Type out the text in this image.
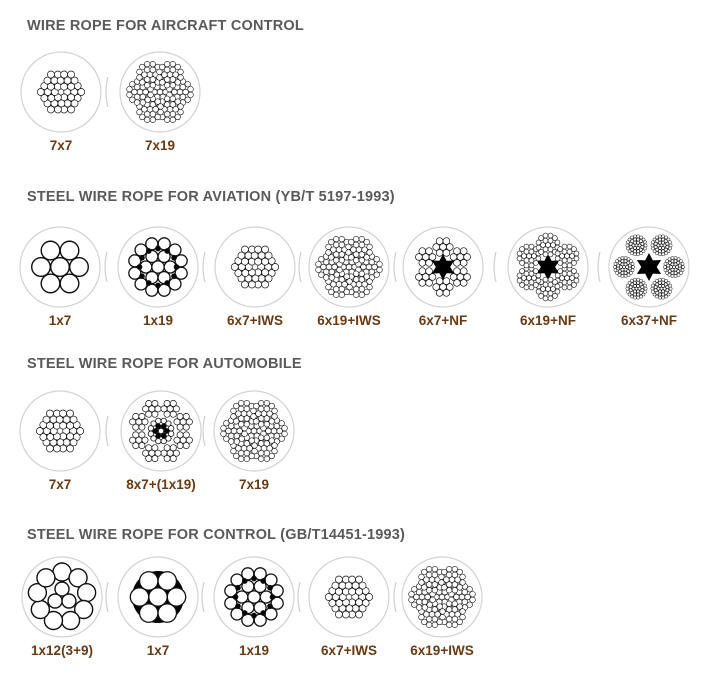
WIRE ROPE FOR AIRCRAFT CONTROL
7x7	7x19
STEEL WIRE ROPE FOR AVIATION (YB/T 5197-1993)
1x7	1x19	6x7+IWS	6x19+IWS	6x7+NF	6x19+NF	6x37+NF
STEEL WIRE ROPE FOR AUTOMOBILE
7x7	8x7+(1x19)	7x19
STEEL WIRE ROPE FOR CONTROL (GB/T14451-1993)
1x12(3+9)	1x7	1x19	6x7+IWS	6x19+IWS
